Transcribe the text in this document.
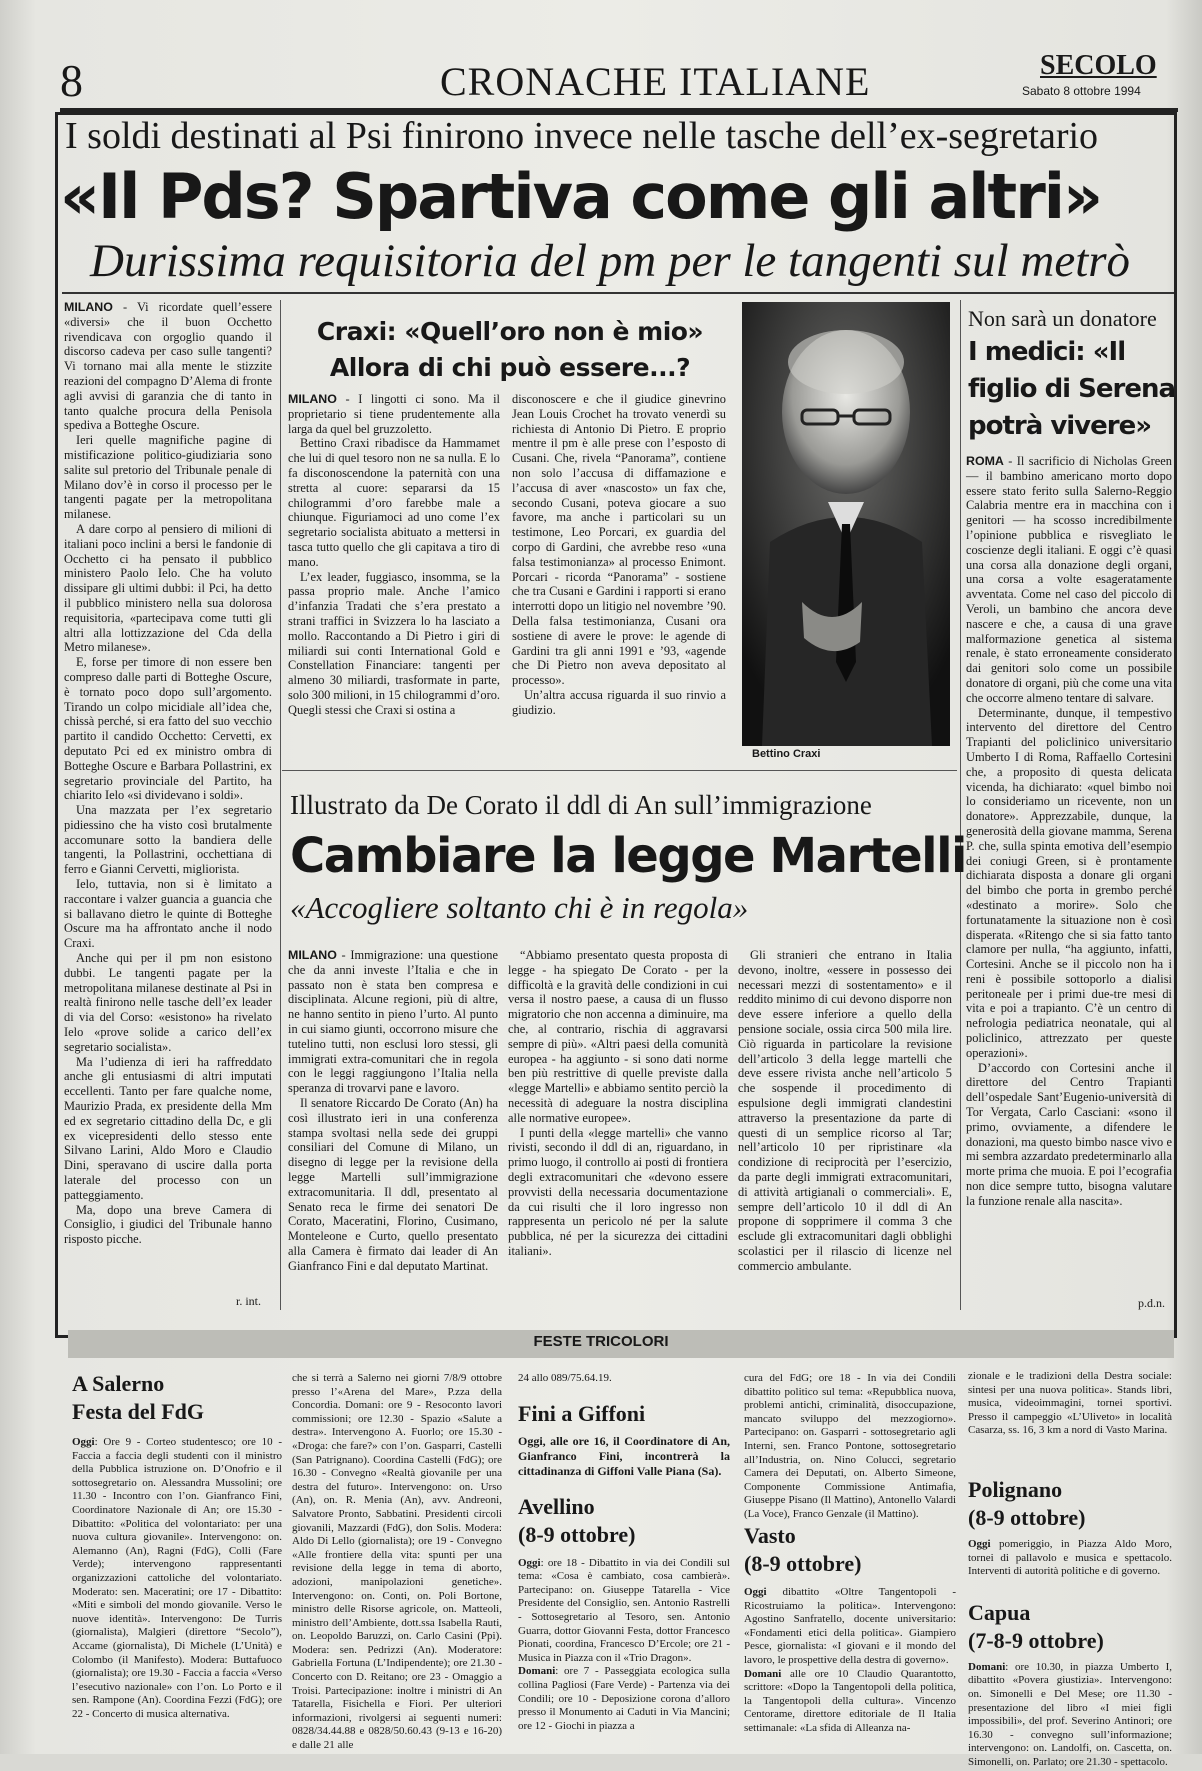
8	CRONACHE ITALIANE	SECOLO
Sabato 8 ottobre 1994
I soldi destinati al Psi finirono invece nelle tasche dell’ex-segretario
«Il Pds? Spartiva come gli altri»
Durissima requisitoria del pm per le tangenti sul metrò

MILANO - Vi ricordate quell’essere «diversi» che il buon Occhetto rivendicava con orgoglio quando il discorso cadeva per caso sulle tangenti? Vi tornano mai alla mente le stizzite reazioni del compagno D’Alema di fronte agli avvisi di garanzia che di tanto in tanto qualche procura della Penisola spediva a Botteghe Oscure.

Ieri quelle magnifiche pagine di mistificazione politico-giudiziaria sono salite sul pretorio del Tribunale penale di Milano dov’è in corso il processo per le tangenti pagate per la metropolitana milanese.

A dare corpo al pensiero di milioni di italiani poco inclini a bersi le fandonie di Occhetto ci ha pensato il pubblico ministero Paolo Ielo. Che ha voluto dissipare gli ultimi dubbi: il Pci, ha detto il pubblico ministero nella sua dolorosa requisitoria, «partecipava come tutti gli altri alla lottizzazione del Cda della Metro milanese».

E, forse per timore di non essere ben compreso dalle parti di Botteghe Oscure, è tornato poco dopo sull’argomento. Tirando un colpo micidiale all’idea che, chissà perché, si era fatto del suo vecchio partito il candido Occhetto: Cervetti, ex deputato Pci ed ex ministro ombra di Botteghe Oscure e Barbara Pollastrini, ex segretario provinciale del Partito, ha chiarito Ielo «si dividevano i soldi».

Una mazzata per l’ex segretario pidiessino che ha visto così brutalmente accomunare sotto la bandiera delle tangenti, la Pollastrini, occhettiana di ferro e Gianni Cervetti, migliorista.

Ielo, tuttavia, non si è limitato a raccontare i valzer guancia a guancia che si ballavano dietro le quinte di Botteghe Oscure ma ha affrontato anche il nodo Craxi.

Anche qui per il pm non esistono dubbi. Le tangenti pagate per la metropolitana milanese destinate al Psi in realtà finirono nelle tasche dell’ex leader di via del Corso: «esistono» ha rivelato Ielo «prove solide a carico dell’ex segretario socialista».

Ma l’udienza di ieri ha raffreddato anche gli entusiasmi di altri imputati eccellenti. Tanto per fare qualche nome, Maurizio Prada, ex presidente della Mm ed ex segretario cittadino della Dc, e gli ex vicepresidenti dello stesso ente Silvano Larini, Aldo Moro e Claudio Dini, speravano di uscire dalla porta laterale del processo con un patteggiamento.

Ma, dopo una breve Camera di Consiglio, i giudici del Tribunale hanno risposto picche.

r. int.
Craxi: «Quell’oro non è mio»
Allora di chi può essere...?

MILANO - I lingotti ci sono. Ma il proprietario si tiene prudentemente alla larga da quel bel gruzzoletto.

Bettino Craxi ribadisce da Hammamet che lui di quel tesoro non ne sa nulla. E lo fa disconoscendone la paternità con una stretta al cuore: separarsi da 15 chilogrammi d’oro farebbe male a chiunque. Figuriamoci ad uno come l’ex segretario socialista abituato a mettersi in tasca tutto quello che gli capitava a tiro di mano.

L’ex leader, fuggiasco, insomma, se la passa proprio male. Anche l’amico d’infanzia Tradati che s’era prestato a strani traffici in Svizzera lo ha lasciato a mollo. Raccontando a Di Pietro i giri di miliardi sui conti International Gold e Constellation Financiare: tangenti per almeno 30 miliardi, trasformate in parte, solo 300 milioni, in 15 chilogrammi d’oro. Quegli stessi che Craxi si ostina a

disconoscere e che il giudice ginevrino Jean Louis Crochet ha trovato venerdì su richiesta di Antonio Di Pietro. E proprio mentre il pm è alle prese con l’esposto di Cusani. Che, rivela “Panorama”, contiene non solo l’accusa di diffamazione e l’accusa di aver «nascosto» un fax che, secondo Cusani, poteva giocare a suo favore, ma anche i particolari su un testimone, Leo Porcari, ex guardia del corpo di Gardini, che avrebbe reso «una falsa testimonianza» al processo Enimont. Porcari - ricorda “Panorama” - sostiene che tra Cusani e Gardini i rapporti si erano interrotti dopo un litigio nel novembre ’90. Della falsa testimonianza, Cusani ora sostiene di avere le prove: le agende di Gardini tra gli anni 1991 e ’93, «agende che Di Pietro non aveva depositato al processo».

Un’altra accusa riguarda il suo rinvio a giudizio.

Bettino Craxi
Non sarà un donatore
I medici: «Il figlio di Serena potrà vivere»

ROMA - Il sacrificio di Nicholas Green — il bambino americano morto dopo essere stato ferito sulla Salerno-Reggio Calabria mentre era in macchina con i genitori — ha scosso incredibilmente l’opinione pubblica e risvegliato le coscienze degli italiani. E oggi c’è quasi una corsa alla donazione degli organi, una corsa a volte esageratamente avventata. Come nel caso del piccolo di Veroli, un bambino che ancora deve nascere e che, a causa di una grave malformazione genetica al sistema renale, è stato erroneamente considerato dai genitori solo come un possibile donatore di organi, più che come una vita che occorre almeno tentare di salvare.

Determinante, dunque, il tempestivo intervento del direttore del Centro Trapianti del policlinico universitario Umberto I di Roma, Raffaello Cortesini che, a proposito di questa delicata vicenda, ha dichiarato: «quel bimbo noi lo consideriamo un ricevente, non un donatore». Apprezzabile, dunque, la generosità della giovane mamma, Serena P. che, sulla spinta emotiva dell’esempio dei coniugi Green, si è prontamente dichiarata disposta a donare gli organi del bimbo che porta in grembo perché «destinato a morire». Solo che fortunatamente la situazione non è così disperata. «Ritengo che si sia fatto tanto clamore per nulla, “ha aggiunto, infatti, Cortesini. Anche se il piccolo non ha i reni è possibile sottoporlo a dialisi peritoneale per i primi due-tre mesi di vita e poi a trapianto. C’è un centro di nefrologia pediatrica neonatale, qui al policlinico, attrezzato per queste operazioni».

D’accordo con Cortesini anche il direttore del Centro Trapianti dell’ospedale Sant’Eugenio-università di Tor Vergata, Carlo Casciani: «sono il primo, ovviamente, a difendere le donazioni, ma questo bimbo nasce vivo e mi sembra azzardato predeterminarlo alla morte prima che muoia. E poi l’ecografia non dice sempre tutto, bisogna valutare la funzione renale alla nascita».

p.d.n.
Illustrato da De Corato il ddl di An sull’immigrazione
Cambiare la legge Martelli
«Accogliere soltanto chi è in regola»

MILANO - Immigrazione: una questione che da anni investe l’Italia e che in passato non è stata ben compresa e disciplinata. Alcune regioni, più di altre, ne hanno sentito in pieno l’urto. Al punto in cui siamo giunti, occorrono misure che tutelino tutti, non esclusi loro stessi, gli immigrati extra-comunitari che in regola con le leggi raggiungono l’Italia nella speranza di trovarvi pane e lavoro.

Il senatore Riccardo De Corato (An) ha così illustrato ieri in una conferenza stampa svoltasi nella sede dei gruppi consiliari del Comune di Milano, un disegno di legge per la revisione della legge Martelli sull’immigrazione extracomunitaria. Il ddl, presentato al Senato reca le firme dei senatori De Corato, Maceratini, Florino, Cusimano, Monteleone e Curto, quello presentato alla Camera è firmato dai leader di An Gianfranco Fini e dal deputato Martinat.

“Abbiamo presentato questa proposta di legge - ha spiegato De Corato - per la difficoltà e la gravità delle condizioni in cui versa il nostro paese, a causa di un flusso migratorio che non accenna a diminuire, ma che, al contrario, rischia di aggravarsi sempre di più». «Altri paesi della comunità europea - ha aggiunto - si sono dati norme ben più restrittive di quelle previste dalla «legge Martelli» e abbiamo sentito perciò la necessità di adeguare la nostra disciplina alle normative europee».

I punti della «legge martelli» che vanno rivisti, secondo il ddl di an, riguardano, in primo luogo, il controllo ai posti di frontiera degli extracomunitari che «devono essere provvisti della necessaria documentazione da cui risulti che il loro ingresso non rappresenta un pericolo né per la salute pubblica, né per la sicurezza dei cittadini italiani».

Gli stranieri che entrano in Italia devono, inoltre, «essere in possesso dei necessari mezzi di sostentamento» e il reddito minimo di cui devono disporre non deve essere inferiore a quello della pensione sociale, ossia circa 500 mila lire. Ciò riguarda in particolare la revisione dell’articolo 3 della legge martelli che deve essere rivista anche nell’articolo 5 che sospende il procedimento di espulsione degli immigrati clandestini attraverso la presentazione da parte di questi di un semplice ricorso al Tar; nell’articolo 10 per ripristinare «la condizione di reciprocità per l’esercizio, da parte degli immigrati extracomunitari, di attività artigianali o commerciali». E, sempre dell’articolo 10 il ddl di An propone di sopprimere il comma 3 che esclude gli extracomunitari dagli obblighi scolastici per il rilascio di licenze nel commercio ambulante.

FESTE TRICOLORI
A Salerno
Festa del FdG

Oggi: Ore 9 - Corteo studentesco; ore 10 - Faccia a faccia degli studenti con il ministro della Pubblica istruzione on. D’Onofrio e il sottosegretario on. Alessandra Mussolini; ore 11.30 - Incontro con l’on. Gianfranco Fini, Coordinatore Nazionale di An; ore 15.30 - Dibattito: «Politica del volontariato: per una nuova cultura giovanile». Intervengono: on. Alemanno (An), Ragni (FdG), Colli (Fare Verde); intervengono rappresentanti organizzazioni cattoliche del volontariato. Moderato: sen. Maceratini; ore 17 - Dibattito: «Miti e simboli del mondo giovanile. Verso le nuove identità». Intervengono: De Turris (giornalista), Malgieri (direttore “Secolo”), Accame (giornalista), Di Michele (L’Unità) e Colombo (il Manifesto). Modera: Buttafuoco (giornalista); ore 19.30 - Faccia a faccia «Verso l’esecutivo nazionale» con l’on. Lo Porto e il sen. Rampone (An). Coordina Fezzi (FdG); ore 22 - Concerto di musica alternativa.

che si terrà a Salerno nei giorni 7/8/9 ottobre presso l’«Arena del Mare», P.zza della Concordia. Domani: ore 9 - Resoconto lavori commissioni; ore 12.30 - Spazio «Salute a destra». Intervengono A. Fuorlo; ore 15.30 - «Droga: che fare?» con l’on. Gasparri, Castelli (San Patrignano). Coordina Castelli (FdG); ore 16.30 - Convegno «Realtà giovanile per una destra del futuro». Intervengono: on. Urso (An), on. R. Menia (An), avv. Andreoni, Salvatore Pronto, Sabbatini. Presidenti circoli giovanili, Mazzardi (FdG), don Solis. Modera: Aldo Di Lello (giornalista); ore 19 - Convegno «Alle frontiere della vita: spunti per una revisione della legge in tema di aborto, adozioni, manipolazioni genetiche». Intervengono: on. Conti, on. Poli Bortone, ministro delle Risorse agricole, on. Matteoli, ministro dell’Ambiente, dott.ssa Isabella Rauti, on. Leopoldo Baruzzi, on. Carlo Casini (Ppi). Modera: sen. Pedrizzi (An). Moderatore: Gabriella Fortuna (L’Indipendente); ore 21.30 - Concerto con D. Reitano; ore 23 - Omaggio a Troisi. Partecipazione: inoltre i ministri di An Tatarella, Fisichella e Fiori. Per ulteriori informazioni, rivolgersi ai seguenti numeri: 0828/34.44.88 e 0828/50.60.43 (9-13 e 16-20) e dalle 21 alle

24 allo 089/75.64.19.
Fini a Giffoni
Oggi, alle ore 16, il Coordinatore di An, Gianfranco Fini, incontrerà la cittadinanza di Giffoni Valle Piana (Sa).
Avellino
(8-9 ottobre)

Oggi: ore 18 - Dibattito in via dei Condili sul tema: «Cosa è cambiato, cosa cambierà». Partecipano: on. Giuseppe Tatarella - Vice Presidente del Consiglio, sen. Antonio Rastrelli - Sottosegretario al Tesoro, sen. Antonio Guarra, dottor Giovanni Festa, dottor Francesco Pionati, coordina, Francesco D’Ercole; ore 21 - Musica in Piazza con il «Trio Dragon».

Domani: ore 7 - Passeggiata ecologica sulla collina Pagliosi (Fare Verde) - Partenza via dei Condili; ore 10 - Deposizione corona d’alloro presso il Monumento ai Caduti in Via Mancini; ore 12 - Giochi in piazza a

cura del FdG; ore 18 - In via dei Condili dibattito politico sul tema: «Repubblica nuova, problemi antichi, criminalità, disoccupazione, mancato sviluppo del mezzogiorno». Partecipano: on. Gasparri - sottosegretario agli Interni, sen. Franco Pontone, sottosegretario all’Industria, on. Nino Colucci, segretario Camera dei Deputati, on. Alberto Simeone, Componente Commissione Antimafia, Giuseppe Pisano (Il Mattino), Antonello Valardi (La Voce), Franco Genzale (il Mattino).
Vasto
(8-9 ottobre)

Oggi dibattito «Oltre Tangentopoli - Ricostruiamo la politica». Intervengono: Agostino Sanfratello, docente universitario: «Fondamenti etici della politica». Giampiero Pesce, giornalista: «I giovani e il mondo del lavoro, le prospettive della destra di governo».

Domani alle ore 10 Claudio Quarantotto, scrittore: «Dopo la Tangentopoli della politica, la Tangentopoli della cultura». Vincenzo Centorame, direttore editoriale de Il Italia settimanale: «La sfida di Alleanza na-

zionale e le tradizioni della Destra sociale: sintesi per una nuova politica». Stands libri, musica, videoimmagini, tornei sportivi. Presso il campeggio «L’Uliveto» in località Casarza, ss. 16, 3 km a nord di Vasto Marina.
Polignano
(8-9 ottobre)

Oggi pomeriggio, in Piazza Aldo Moro, tornei di pallavolo e musica e spettacolo. Interventi di autorità politiche e di governo.

Capua
(7-8-9 ottobre)

Domani: ore 10.30, in piazza Umberto I, dibattito «Povera giustizia». Intervengono: on. Simonelli e Del Mese; ore 11.30 - presentazione del libro «I miei figli impossibili», del prof. Severino Antinori; ore 16.30 - convegno sull’informazione; intervengono: on. Landolfi, on. Cascetta, on. Simonelli, on. Parlato; ore 21.30 - spettacolo.
